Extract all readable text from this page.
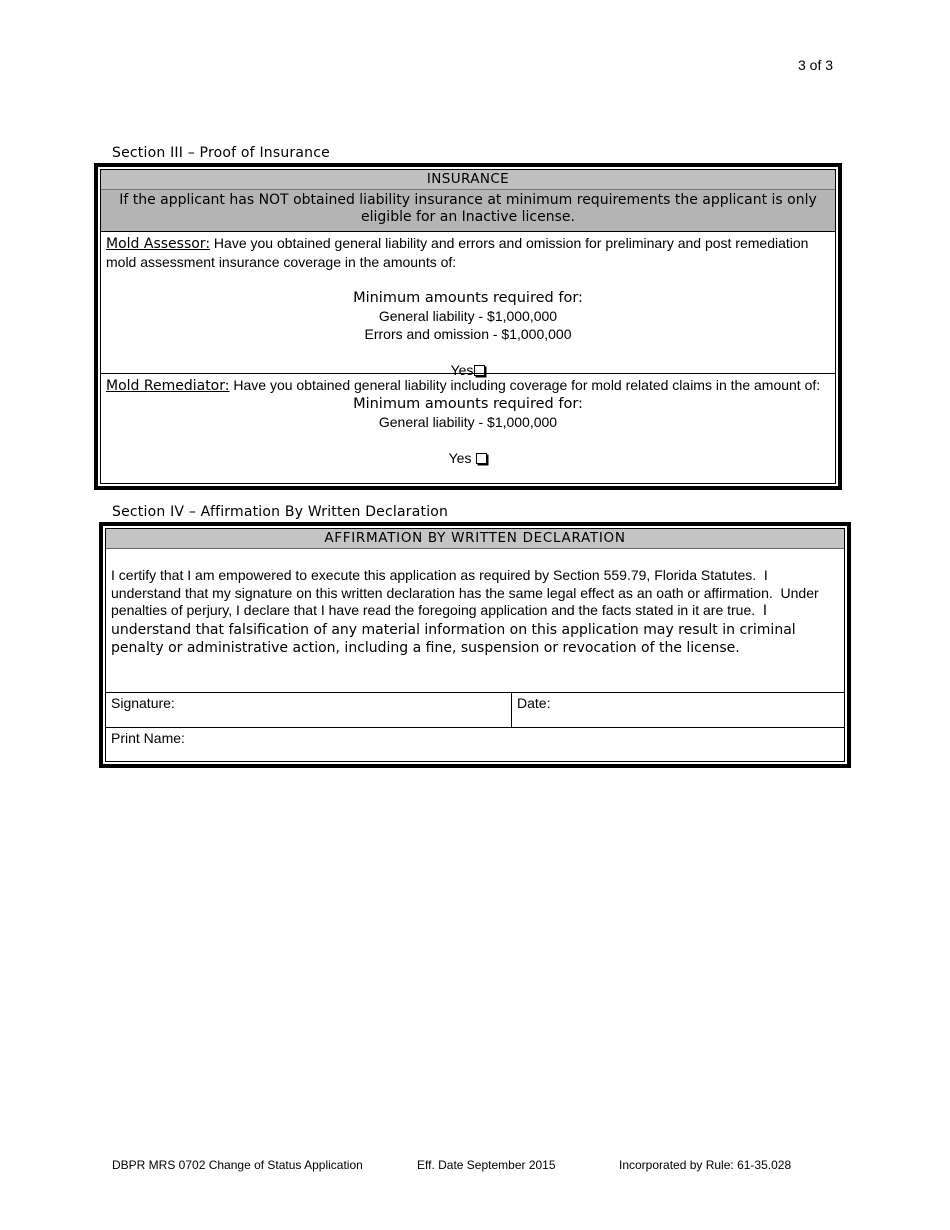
3 of 3
Section III – Proof of Insurance
INSURANCE
If the applicant has NOT obtained liability insurance at minimum requirements the applicant is only eligible for an Inactive license.
Mold Assessor: Have you obtained general liability and errors and omission for preliminary and post remediation mold assessment insurance coverage in the amounts of:
Minimum amounts required for:
General liability - $1,000,000
Errors and omission - $1,000,000
Yes
Mold Remediator: Have you obtained general liability including coverage for mold related claims in the amount of:
Minimum amounts required for:
General liability - $1,000,000
Yes
Section IV – Affirmation By Written Declaration
AFFIRMATION BY WRITTEN DECLARATION
I certify that I am empowered to execute this application as required by Section 559.79, Florida Statutes.  I understand that my signature on this written declaration has the same legal effect as an oath or affirmation.  Under penalties of perjury, I declare that I have read the foregoing application and the facts stated in it are true.  I understand that falsification of any material information on this application may result in criminal penalty or administrative action, including a fine, suspension or revocation of the license.
Signature:	Date:
Print Name:
DBPR MRS 0702 Change of Status Application	Eff. Date September 2015	Incorporated by Rule: 61-35.028
